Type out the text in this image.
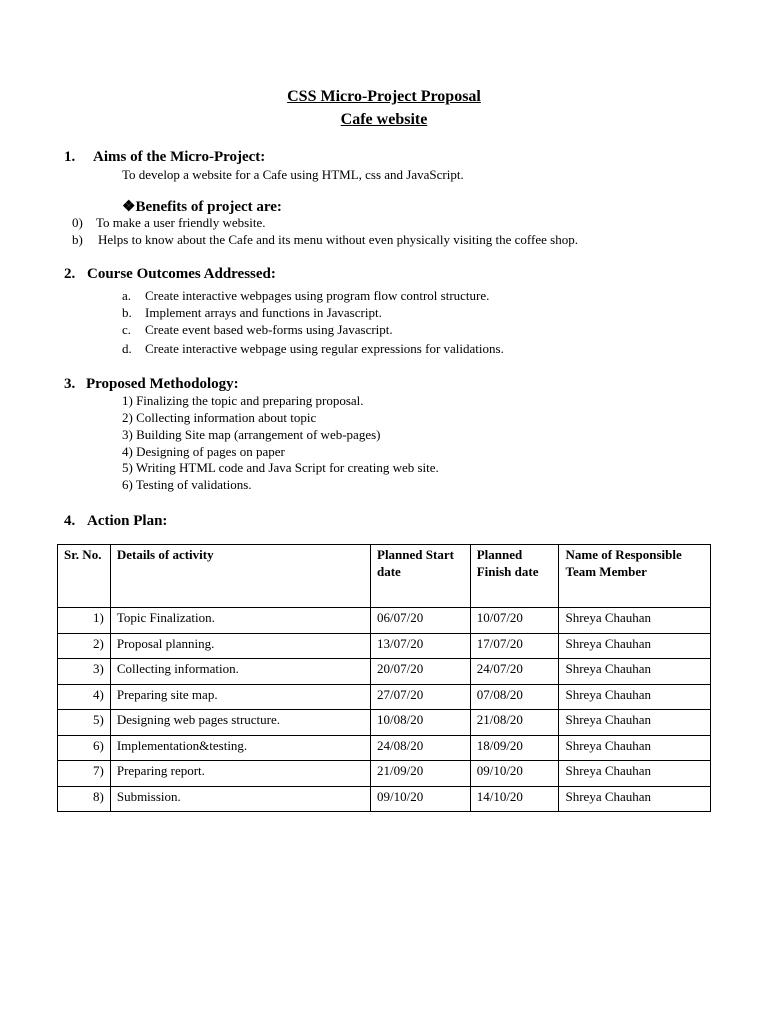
CSS Micro-Project Proposal
Cafe website
1. Aims of the Micro-Project:
To develop a website for a Cafe using HTML, css and JavaScript.
❖Benefits of project are:
0) To make a user friendly website.
b) Helps to know about the Cafe and its menu without even physically visiting the coffee shop.
2. Course Outcomes Addressed:
a. Create interactive webpages using program flow control structure.
b. Implement arrays and functions in Javascript.
c. Create event based web-forms using Javascript.
d. Create interactive webpage using regular expressions for validations.
3. Proposed Methodology:
1) Finalizing the topic and preparing proposal.
2) Collecting information about topic
3) Building Site map (arrangement of web-pages)
4) Designing of pages on paper
5) Writing HTML code and Java Script for creating web site.
6) Testing of validations.
4. Action Plan:
Sr. No.	Details of activity	Planned Start date	Planned Finish date	Name of Responsible Team Member
1)	Topic Finalization.	06/07/20	10/07/20	Shreya Chauhan
2)	Proposal planning.	13/07/20	17/07/20	Shreya Chauhan
3)	Collecting information.	20/07/20	24/07/20	Shreya Chauhan
4)	Preparing site map.	27/07/20	07/08/20	Shreya Chauhan
5)	Designing web pages structure.	10/08/20	21/08/20	Shreya Chauhan
6)	Implementation&testing.	24/08/20	18/09/20	Shreya Chauhan
7)	Preparing report.	21/09/20	09/10/20	Shreya Chauhan
8)	Submission.	09/10/20	14/10/20	Shreya Chauhan
